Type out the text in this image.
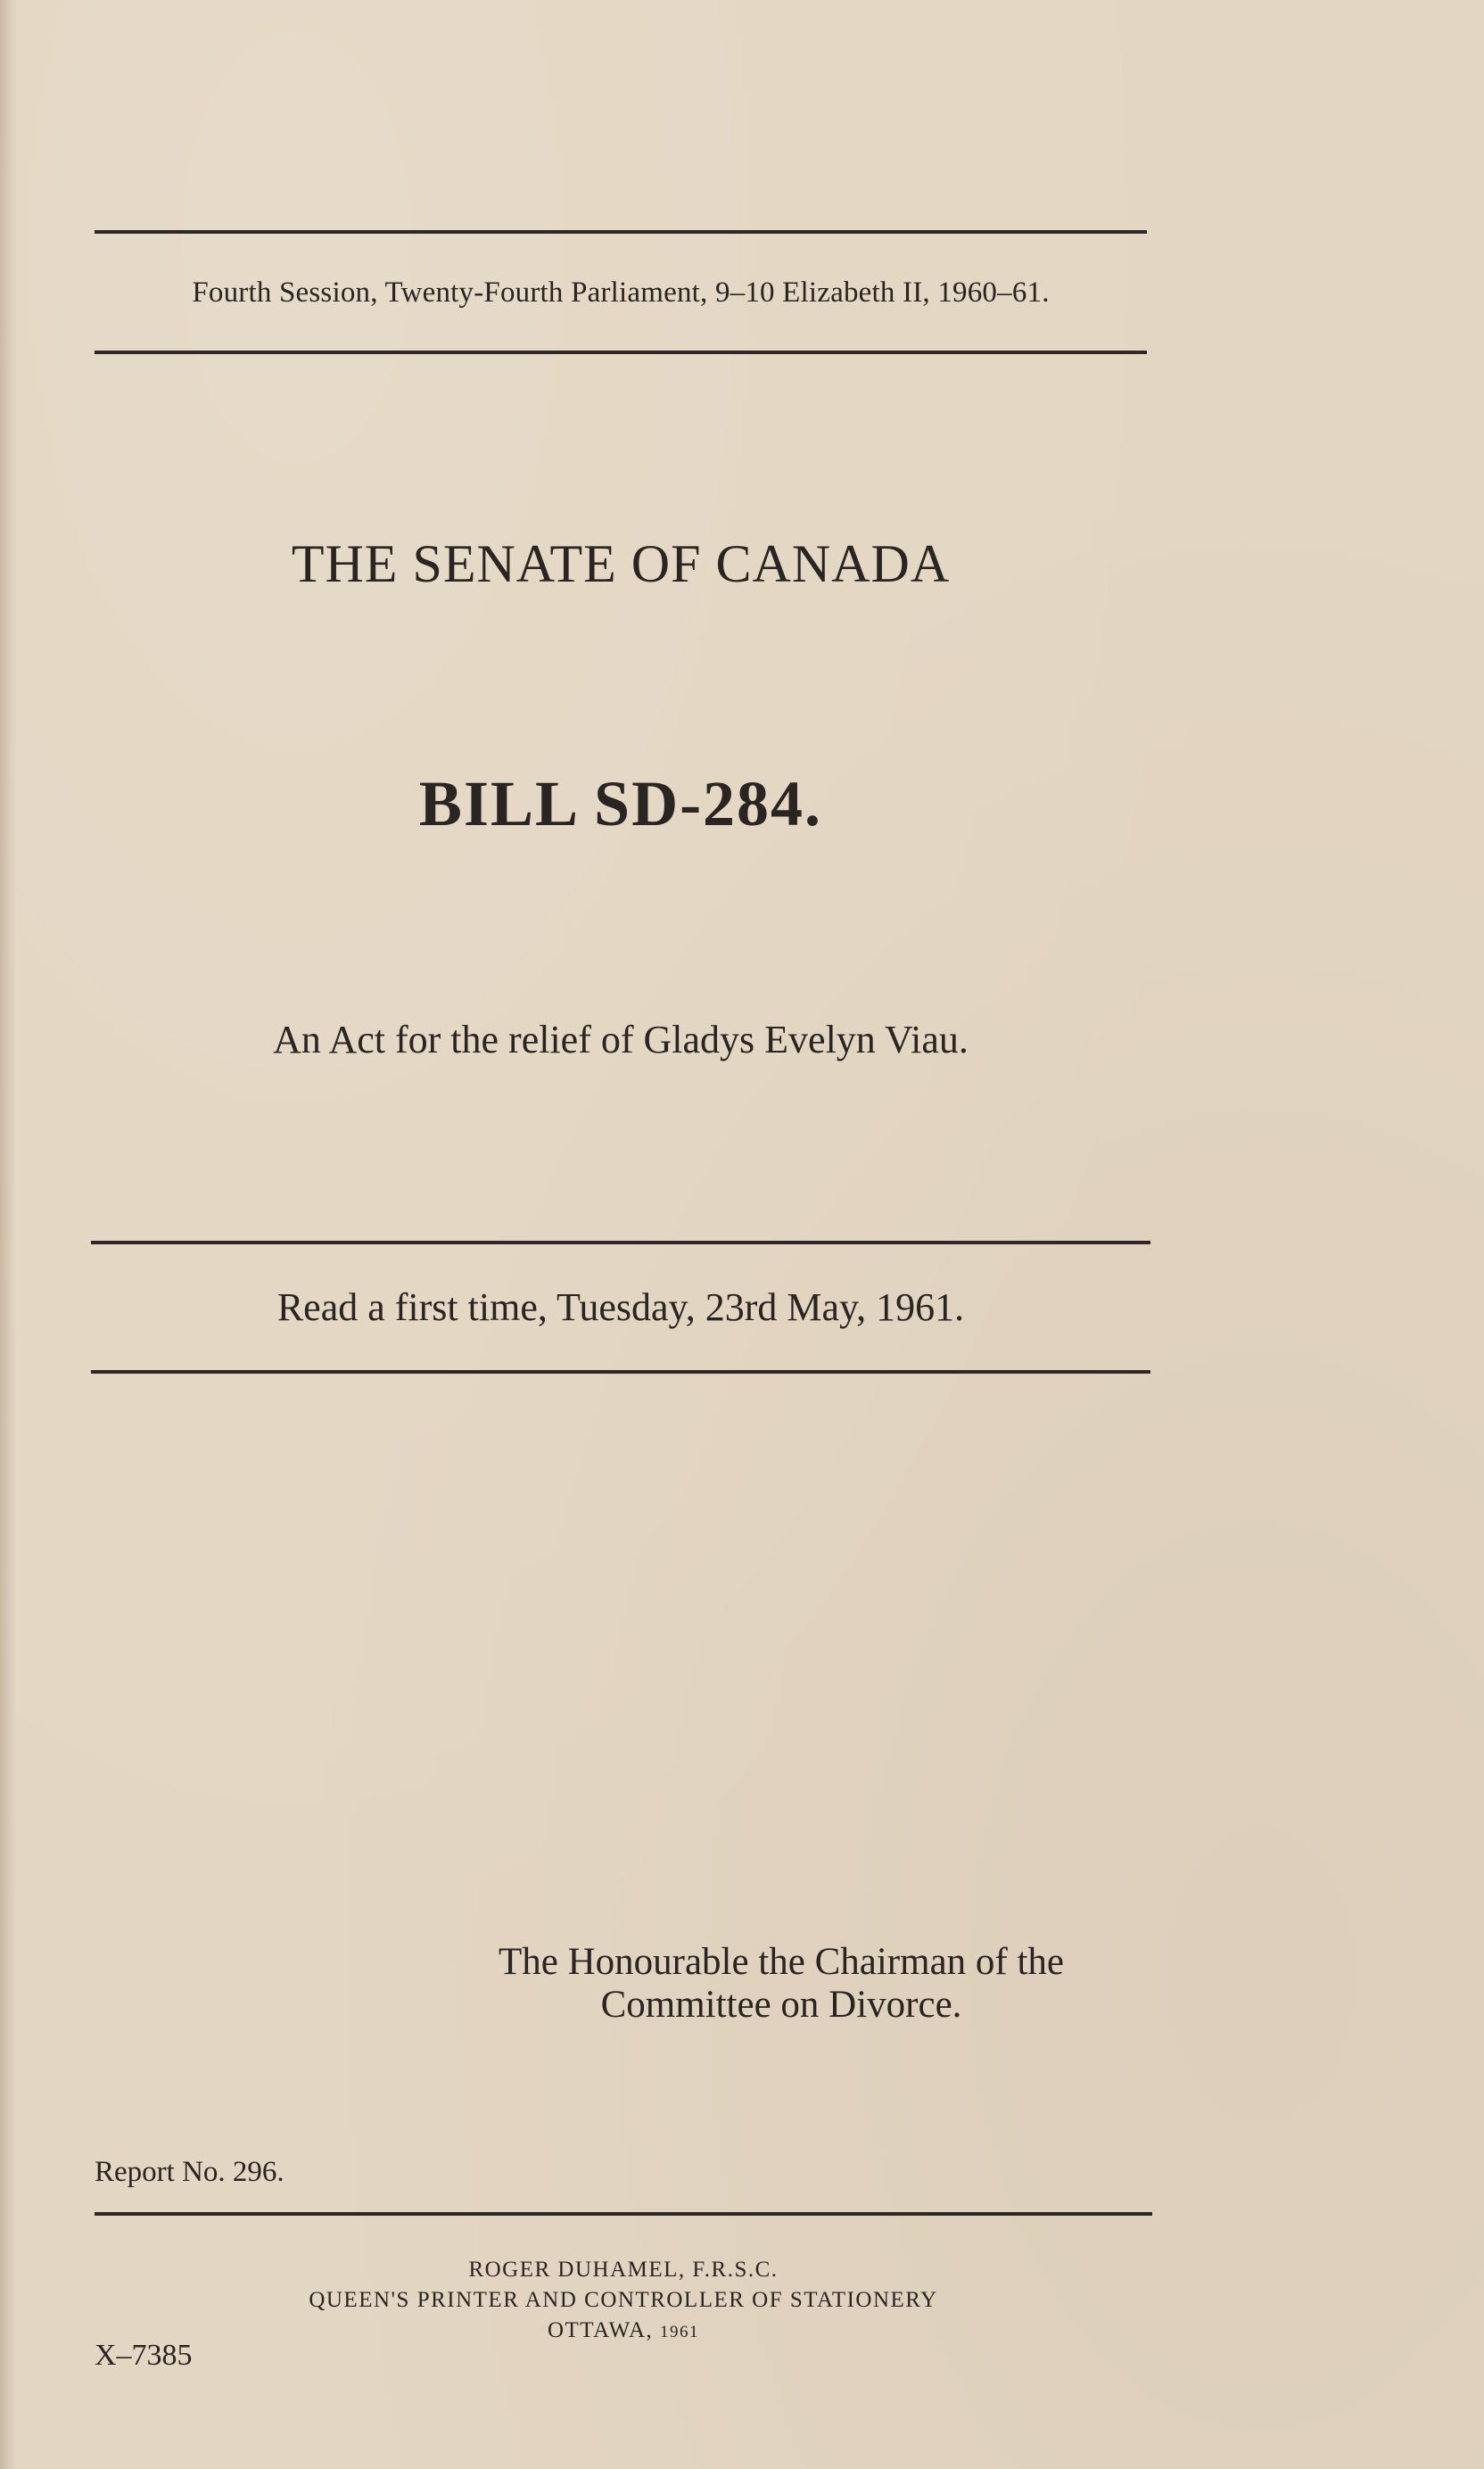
Fourth Session, Twenty-Fourth Parliament, 9–10 Elizabeth II, 1960–61.
THE SENATE OF CANADA
BILL SD-284.
An Act for the relief of Gladys Evelyn Viau.
Read a first time, Tuesday, 23rd May, 1961.
The Honourable the Chairman of the
Committee on Divorce.
Report No. 296.
ROGER DUHAMEL, F.R.S.C.
QUEEN'S PRINTER AND CONTROLLER OF STATIONERY
OTTAWA, 1961
X–7385
